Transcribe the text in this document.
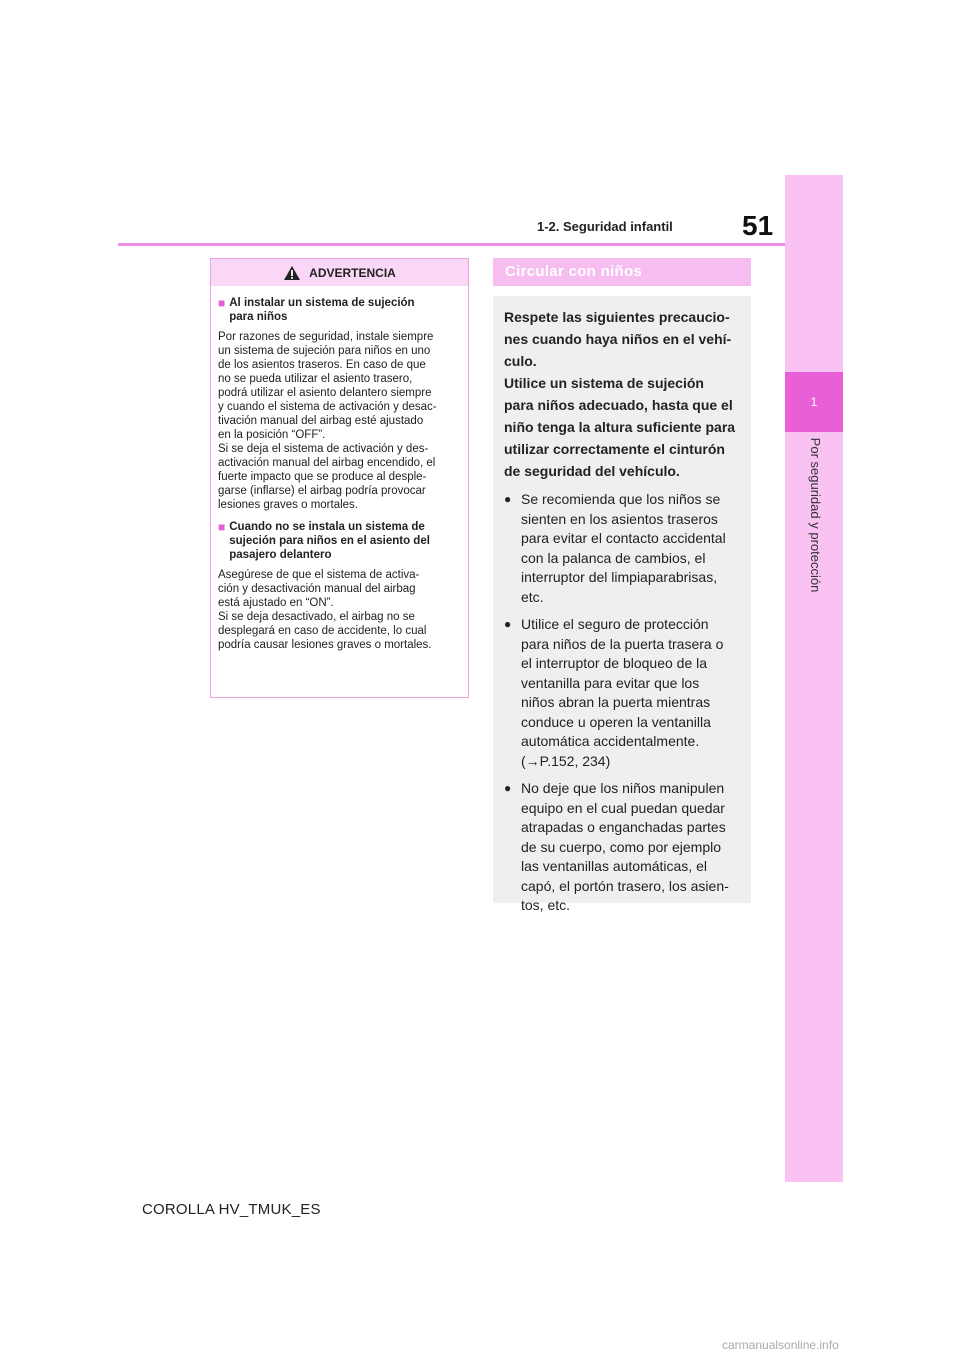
1
Por seguridad y protección
51
1-2. Seguridad infantil
ADVERTENCIA
■ Al instalar un sistema de sujeción
para niños
Por razones de seguridad, instale siempre
un sistema de sujeción para niños en uno
de los asientos traseros. En caso de que
no se pueda utilizar el asiento trasero,
podrá utilizar el asiento delantero siempre
y cuando el sistema de activación y desac-
tivación manual del airbag esté ajustado
en la posición “OFF”.
Si se deja el sistema de activación y des-
activación manual del airbag encendido, el
fuerte impacto que se produce al desple-
garse (inflarse) el airbag podría provocar
lesiones graves o mortales.
■ Cuando no se instala un sistema de
sujeción para niños en el asiento del
pasajero delantero
Asegúrese de que el sistema de activa-
ción y desactivación manual del airbag
está ajustado en “ON”.
Si se deja desactivado, el airbag no se
desplegará en caso de accidente, lo cual
podría causar lesiones graves o mortales.
Circular con niños
Respete las siguientes precaucio-
nes cuando haya niños en el vehí-
culo.
Utilice un sistema de sujeción
para niños adecuado, hasta que el
niño tenga la altura suficiente para
utilizar correctamente el cinturón
de seguridad del vehículo.
● Se recomienda que los niños se
sienten en los asientos traseros
para evitar el contacto accidental
con la palanca de cambios, el
interruptor del limpiaparabrisas,
etc.
● Utilice el seguro de protección
para niños de la puerta trasera o
el interruptor de bloqueo de la
ventanilla para evitar que los
niños abran la puerta mientras
conduce u operen la ventanilla
automática accidentalmente.
(→P.152, 234)
● No deje que los niños manipulen
equipo en el cual puedan quedar
atrapadas o enganchadas partes
de su cuerpo, como por ejemplo
las ventanillas automáticas, el
capó, el portón trasero, los asien-
tos, etc.
COROLLA HV_TMUK_ES
carmanualsonline.info
